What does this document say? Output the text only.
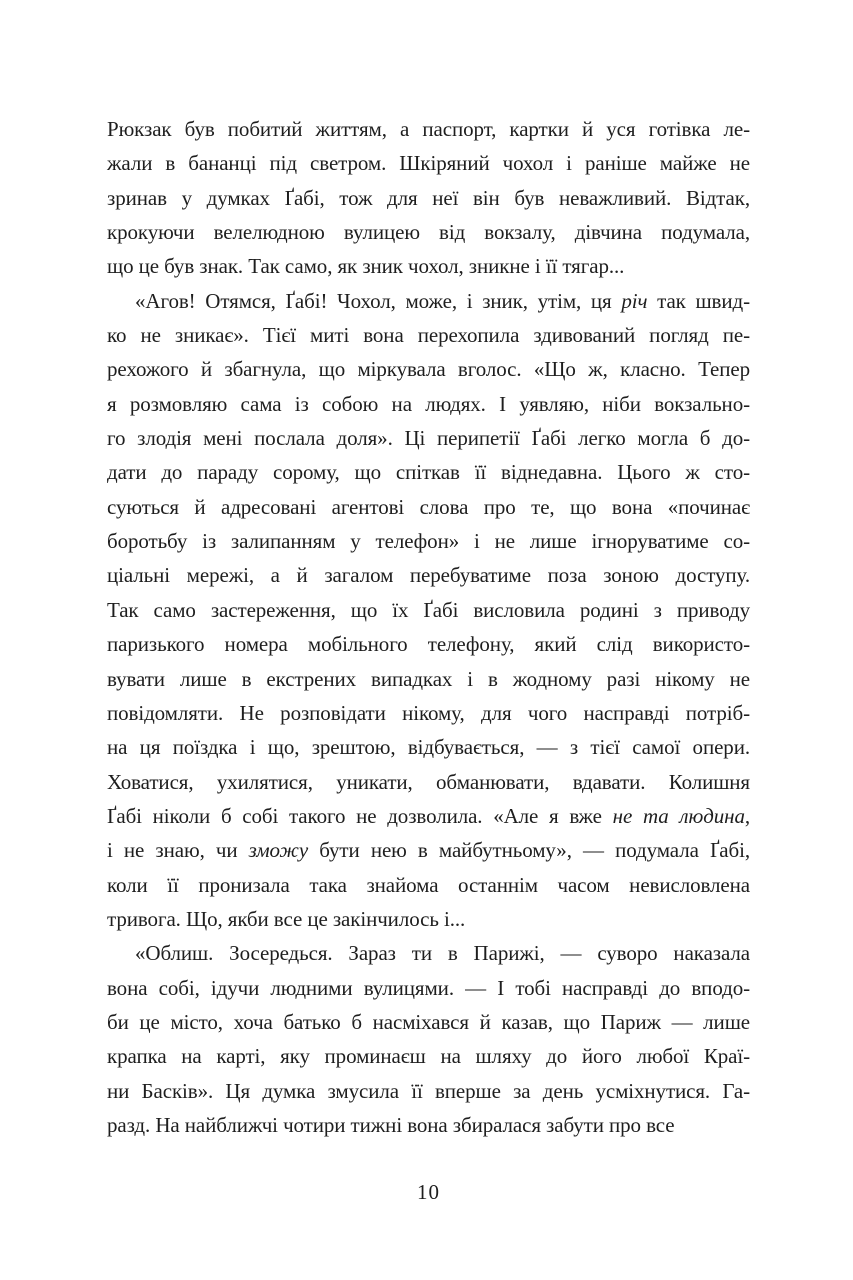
Рюкзак був побитий життям, а паспорт, картки й уся готівка ле-
жали в бананці під светром. Шкіряний чохол і раніше майже не
зринав у думках Ґабі, тож для неї він був неважливий. Відтак,
крокуючи велелюдною вулицею від вокзалу, дівчина подумала,
що це був знак. Так само, як зник чохол, зникне і її тягар...
«Агов! Отямся, Ґабі! Чохол, може, і зник, утім, ця річ так швид-
ко не зникає». Тієї миті вона перехопила здивований погляд пе-
рехожого й збагнула, що міркувала вголос. «Що ж, класно. Тепер
я розмовляю сама із собою на людях. І уявляю, ніби вокзально-
го злодія мені послала доля». Ці перипетії Ґабі легко могла б до-
дати до параду сорому, що спіткав її віднедавна. Цього ж сто-
суються й адресовані агентові слова про те, що вона «починає
боротьбу із залипанням у телефон» і не лише ігноруватиме со-
ціальні мережі, а й загалом перебуватиме поза зоною доступу.
Так само застереження, що їх Ґабі висловила родині з приводу
паризького номера мобільного телефону, який слід використо-
вувати лише в екстрених випадках і в жодному разі нікому не
повідомляти. Не розповідати нікому, для чого насправді потріб-
на ця поїздка і що, зрештою, відбувається, — з тієї самої опери.
Ховатися, ухилятися, уникати, обманювати, вдавати. Колишня
Ґабі ніколи б собі такого не дозволила. «Але я вже не та людина,
і не знаю, чи зможу бути нею в майбутньому», — подумала Ґабі,
коли її пронизала така знайома останнім часом невисловлена
тривога. Що, якби все це закінчилось і...
«Облиш. Зосередься. Зараз ти в Парижі, — суворо наказала
вона собі, ідучи людними вулицями. — І тобі насправді до вподо-
би це місто, хоча батько б насміхався й казав, що Париж — лише
крапка на карті, яку проминаєш на шляху до його любої Краї-
ни Басків». Ця думка змусила її вперше за день усміхнутися. Га-
разд. На найближчі чотири тижні вона збиралася забути про все
10
